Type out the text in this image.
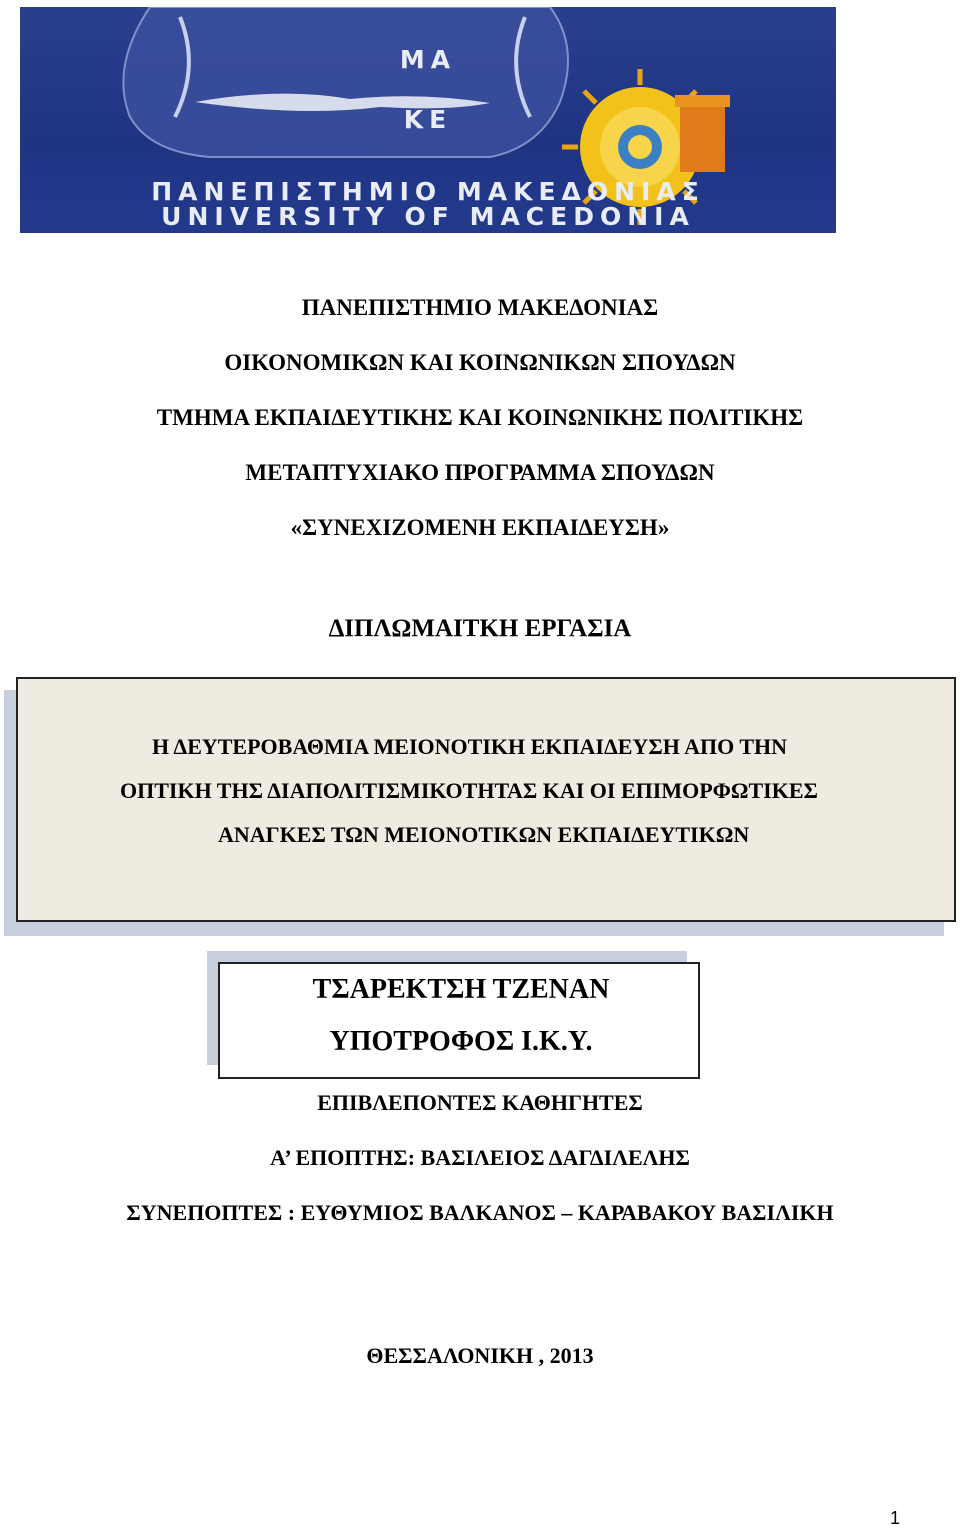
ΜΑ
ΚΕ
ΠΑΝΕΠΙΣΤΗΜΙΟ ΜΑΚΕΔΟΝΙΑΣ
UNIVERSITY OF MACEDONIA
ΠΑΝΕΠΙΣΤΗΜΙΟ ΜΑΚΕΔΟΝΙΑΣ
ΟΙΚΟΝΟΜΙΚΩΝ ΚΑΙ ΚΟΙΝΩΝΙΚΩΝ ΣΠΟΥΔΩΝ
ΤΜΗΜΑ ΕΚΠΑΙΔΕΥΤΙΚΗΣ ΚΑΙ ΚΟΙΝΩΝΙΚΗΣ ΠΟΛΙΤΙΚΗΣ
ΜΕΤΑΠΤΥΧΙΑΚΟ ΠΡΟΓΡΑΜΜΑ ΣΠΟΥΔΩΝ
«ΣΥΝΕΧΙΖΟΜΕΝΗ ΕΚΠΑΙΔΕΥΣΗ»
ΔΙΠΛΩΜΑΙΤΚΗ ΕΡΓΑΣΙΑ
Η ΔΕΥΤΕΡΟΒΑΘΜΙΑ ΜΕΙΟΝΟΤΙΚΗ ΕΚΠΑΙΔΕΥΣΗ ΑΠΟ ΤΗΝ
ΟΠΤΙΚΗ ΤΗΣ ΔΙΑΠΟΛΙΤΙΣΜΙΚΟΤΗΤΑΣ ΚΑΙ ΟΙ ΕΠΙΜΟΡΦΩΤΙΚΕΣ
ΑΝΑΓΚΕΣ ΤΩΝ ΜΕΙΟΝΟΤΙΚΩΝ ΕΚΠΑΙΔΕΥΤΙΚΩΝ
ΤΣΑΡΕΚΤΣΗ ΤΖΕΝΑΝ
ΥΠΟΤΡΟΦΟΣ Ι.Κ.Υ.
ΕΠΙΒΛΕΠΟΝΤΕΣ ΚΑΘΗΓΗΤΕΣ
Α’ ΕΠΟΠΤΗΣ: ΒΑΣΙΛΕΙΟΣ ΔΑΓΔΙΛΕΛΗΣ
ΣΥΝΕΠΟΠΤΕΣ : ΕΥΘΥΜΙΟΣ ΒΑΛΚΑΝΟΣ – ΚΑΡΑΒΑΚΟΥ ΒΑΣΙΛΙΚΗ
ΘΕΣΣΑΛΟΝΙΚΗ , 2013
1
